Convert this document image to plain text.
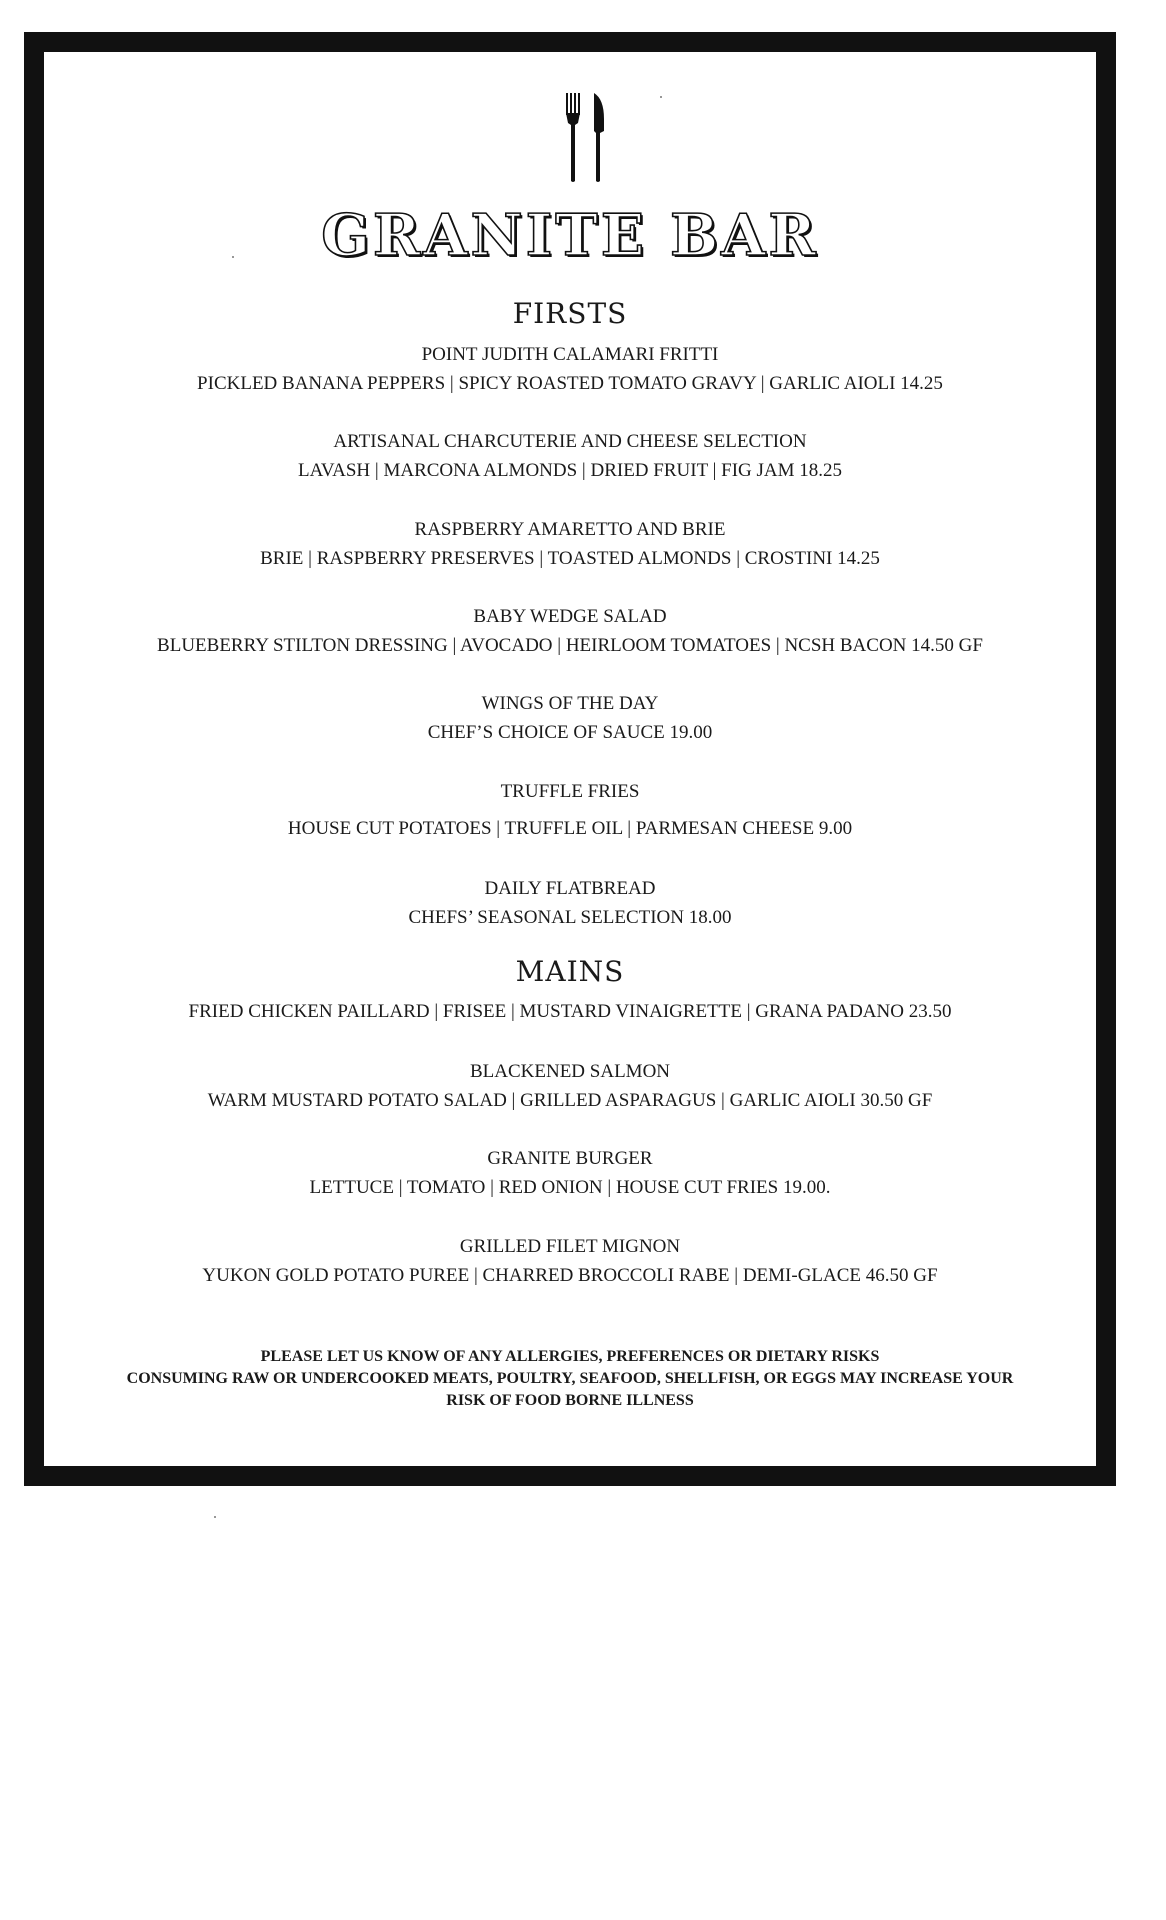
GRANITE BAR
FIRSTS
POINT JUDITH CALAMARI FRITTI
PICKLED BANANA PEPPERS | SPICY ROASTED TOMATO GRAVY | GARLIC AIOLI 14.25
ARTISANAL CHARCUTERIE AND CHEESE SELECTION
LAVASH | MARCONA ALMONDS | DRIED FRUIT | FIG JAM 18.25
RASPBERRY AMARETTO AND BRIE
BRIE | RASPBERRY PRESERVES | TOASTED ALMONDS | CROSTINI 14.25
BABY WEDGE SALAD
BLUEBERRY STILTON DRESSING | AVOCADO | HEIRLOOM TOMATOES | NCSH BACON 14.50 GF
WINGS OF THE DAY
CHEF’S CHOICE OF SAUCE 19.00
TRUFFLE FRIES
HOUSE CUT POTATOES | TRUFFLE OIL | PARMESAN CHEESE 9.00
DAILY FLATBREAD
CHEFS’ SEASONAL SELECTION 18.00
MAINS
FRIED CHICKEN PAILLARD | FRISEE | MUSTARD VINAIGRETTE | GRANA PADANO 23.50
BLACKENED SALMON
WARM MUSTARD POTATO SALAD | GRILLED ASPARAGUS | GARLIC AIOLI 30.50 GF
GRANITE BURGER
LETTUCE | TOMATO | RED ONION | HOUSE CUT FRIES 19.00.
GRILLED FILET MIGNON
YUKON GOLD POTATO PUREE | CHARRED BROCCOLI RABE | DEMI-GLACE 46.50 GF
PLEASE LET US KNOW OF ANY ALLERGIES, PREFERENCES OR DIETARY RISKS
CONSUMING RAW OR UNDERCOOKED MEATS, POULTRY, SEAFOOD, SHELLFISH, OR EGGS MAY INCREASE YOUR
RISK OF FOOD BORNE ILLNESS
